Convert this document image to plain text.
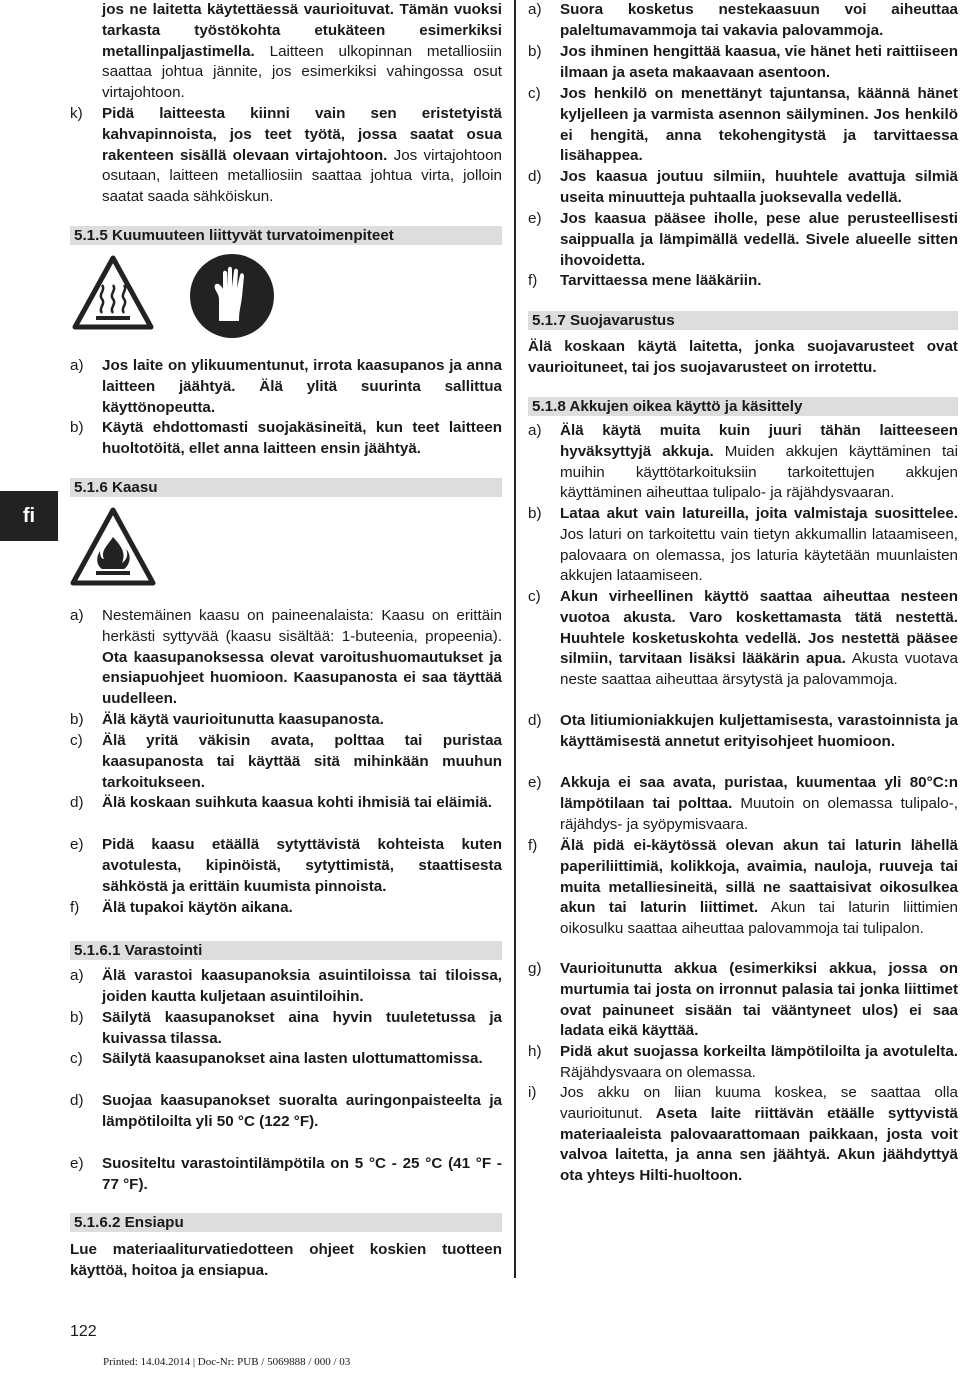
fi
jos ne laitetta käytettäessä vaurioituvat. Tämän vuoksi tarkasta työstökohta etukäteen esimerkiksi metallinpaljastimella. Laitteen ulkopinnan metalliosiin saattaa johtua jännite, jos esimerkiksi vahingossa osut virtajohtoon.
k)	Pidä laitteesta kiinni vain sen eristetyistä kahvapinnoista, jos teet työtä, jossa saatat osua rakenteen sisällä olevaan virtajohtoon. Jos virtajohtoon osutaan, laitteen metalliosiin saattaa johtua virta, jolloin saatat saada sähköiskun.
5.1.5 Kuumuuteen liittyvät turvatoimenpiteet
a)	Jos laite on ylikuumentunut, irrota kaasupanos ja anna laitteen jäähtyä. Älä ylitä suurinta sallittua käyttönopeutta.
b)	Käytä ehdottomasti suojakäsineitä, kun teet laitteen huoltotöitä, ellet anna laitteen ensin jäähtyä.
5.1.6 Kaasu
a)	Nestemäinen kaasu on paineenalaista: Kaasu on erittäin herkästi syttyvää (kaasu sisältää: 1-buteenia, propeenia). Ota kaasupanoksessa olevat varoitushuomautukset ja ensiapuohjeet huomioon. Kaasupanosta ei saa täyttää uudelleen.
b)	Älä käytä vaurioitunutta kaasupanosta.
c)	Älä yritä väkisin avata, polttaa tai puristaa kaasupanosta tai käyttää sitä mihinkään muuhun tarkoitukseen.
d)	Älä koskaan suihkuta kaasua kohti ihmisiä tai eläimiä.
e)	Pidä kaasu etäällä sytyttävistä kohteista kuten avotulesta, kipinöistä, sytyttimistä, staattisesta sähköstä ja erittäin kuumista pinnoista.
f)	Älä tupakoi käytön aikana.
5.1.6.1 Varastointi
a)	Älä varastoi kaasupanoksia asuintiloissa tai tiloissa, joiden kautta kuljetaan asuintiloihin.
b)	Säilytä kaasupanokset aina hyvin tuuletetussa ja kuivassa tilassa.
c)	Säilytä kaasupanokset aina lasten ulottumattomissa.
d)	Suojaa kaasupanokset suoralta auringonpaisteelta ja lämpötiloilta yli 50 °C (122 °F).
e)	Suositeltu varastointilämpötila on 5 °C - 25 °C (41 °F - 77 °F).
5.1.6.2 Ensiapu
Lue materiaaliturvatiedotteen ohjeet koskien tuotteen käyttöä, hoitoa ja ensiapua.
a)	Suora kosketus nestekaasuun voi aiheuttaa paleltumavammoja tai vakavia palovammoja.
b)	Jos ihminen hengittää kaasua, vie hänet heti raittiiseen ilmaan ja aseta makaavaan asentoon.
c)	Jos henkilö on menettänyt tajuntansa, käännä hänet kyljelleen ja varmista asennon säilyminen. Jos henkilö ei hengitä, anna tekohengitystä ja tarvittaessa lisähappea.
d)	Jos kaasua joutuu silmiin, huuhtele avattuja silmiä useita minuutteja puhtaalla juoksevalla vedellä.
e)	Jos kaasua pääsee iholle, pese alue perusteellisesti saippualla ja lämpimällä vedellä. Sivele alueelle sitten ihovoidetta.
f)	Tarvittaessa mene lääkäriin.
5.1.7 Suojavarustus
Älä koskaan käytä laitetta, jonka suojavarusteet ovat vaurioituneet, tai jos suojavarusteet on irrotettu.
5.1.8 Akkujen oikea käyttö ja käsittely
a)	Älä käytä muita kuin juuri tähän laitteeseen hyväksyttyjä akkuja. Muiden akkujen käyttäminen tai muihin käyttötarkoituksiin tarkoitettujen akkujen käyttäminen aiheuttaa tulipalo- ja räjähdysvaaran.
b)	Lataa akut vain latureilla, joita valmistaja suosittelee. Jos laturi on tarkoitettu vain tietyn akkumallin lataamiseen, palovaara on olemassa, jos laturia käytetään muunlaisten akkujen lataamiseen.
c)	Akun virheellinen käyttö saattaa aiheuttaa nesteen vuotoa akusta. Varo koskettamasta tätä nestettä. Huuhtele kosketuskohta vedellä. Jos nestettä pääsee silmiin, tarvitaan lisäksi lääkärin apua. Akusta vuotava neste saattaa aiheuttaa ärsytystä ja palovammoja.
d)	Ota litiumioniakkujen kuljettamisesta, varastoinnista ja käyttämisestä annetut erityisohjeet huomioon.
e)	Akkuja ei saa avata, puristaa, kuumentaa yli 80°C:n lämpötilaan tai polttaa. Muutoin on olemassa tulipalo-, räjähdys- ja syöpymisvaara.
f)	Älä pidä ei-käytössä olevan akun tai laturin lähellä paperiliittimiä, kolikkoja, avaimia, nauloja, ruuveja tai muita metalliesineitä, sillä ne saattaisivat oikosulkea akun tai laturin liittimet. Akun tai laturin liittimien oikosulku saattaa aiheuttaa palovammoja tai tulipalon.
g)	Vaurioitunutta akkua (esimerkiksi akkua, jossa on murtumia tai josta on irronnut palasia tai jonka liittimet ovat painuneet sisään tai vääntyneet ulos) ei saa ladata eikä käyttää.
h)	Pidä akut suojassa korkeilta lämpötiloilta ja avotulelta. Räjähdysvaara on olemassa.
i)	Jos akku on liian kuuma koskea, se saattaa olla vaurioitunut. Aseta laite riittävän etäälle syttyvistä materiaaleista palovaarattomaan paikkaan, josta voit valvoa laitetta, ja anna sen jäähtyä. Akun jäähdyttyä ota yhteys Hilti-huoltoon.
122
Printed: 14.04.2014 | Doc-Nr: PUB / 5069888 / 000 / 03
